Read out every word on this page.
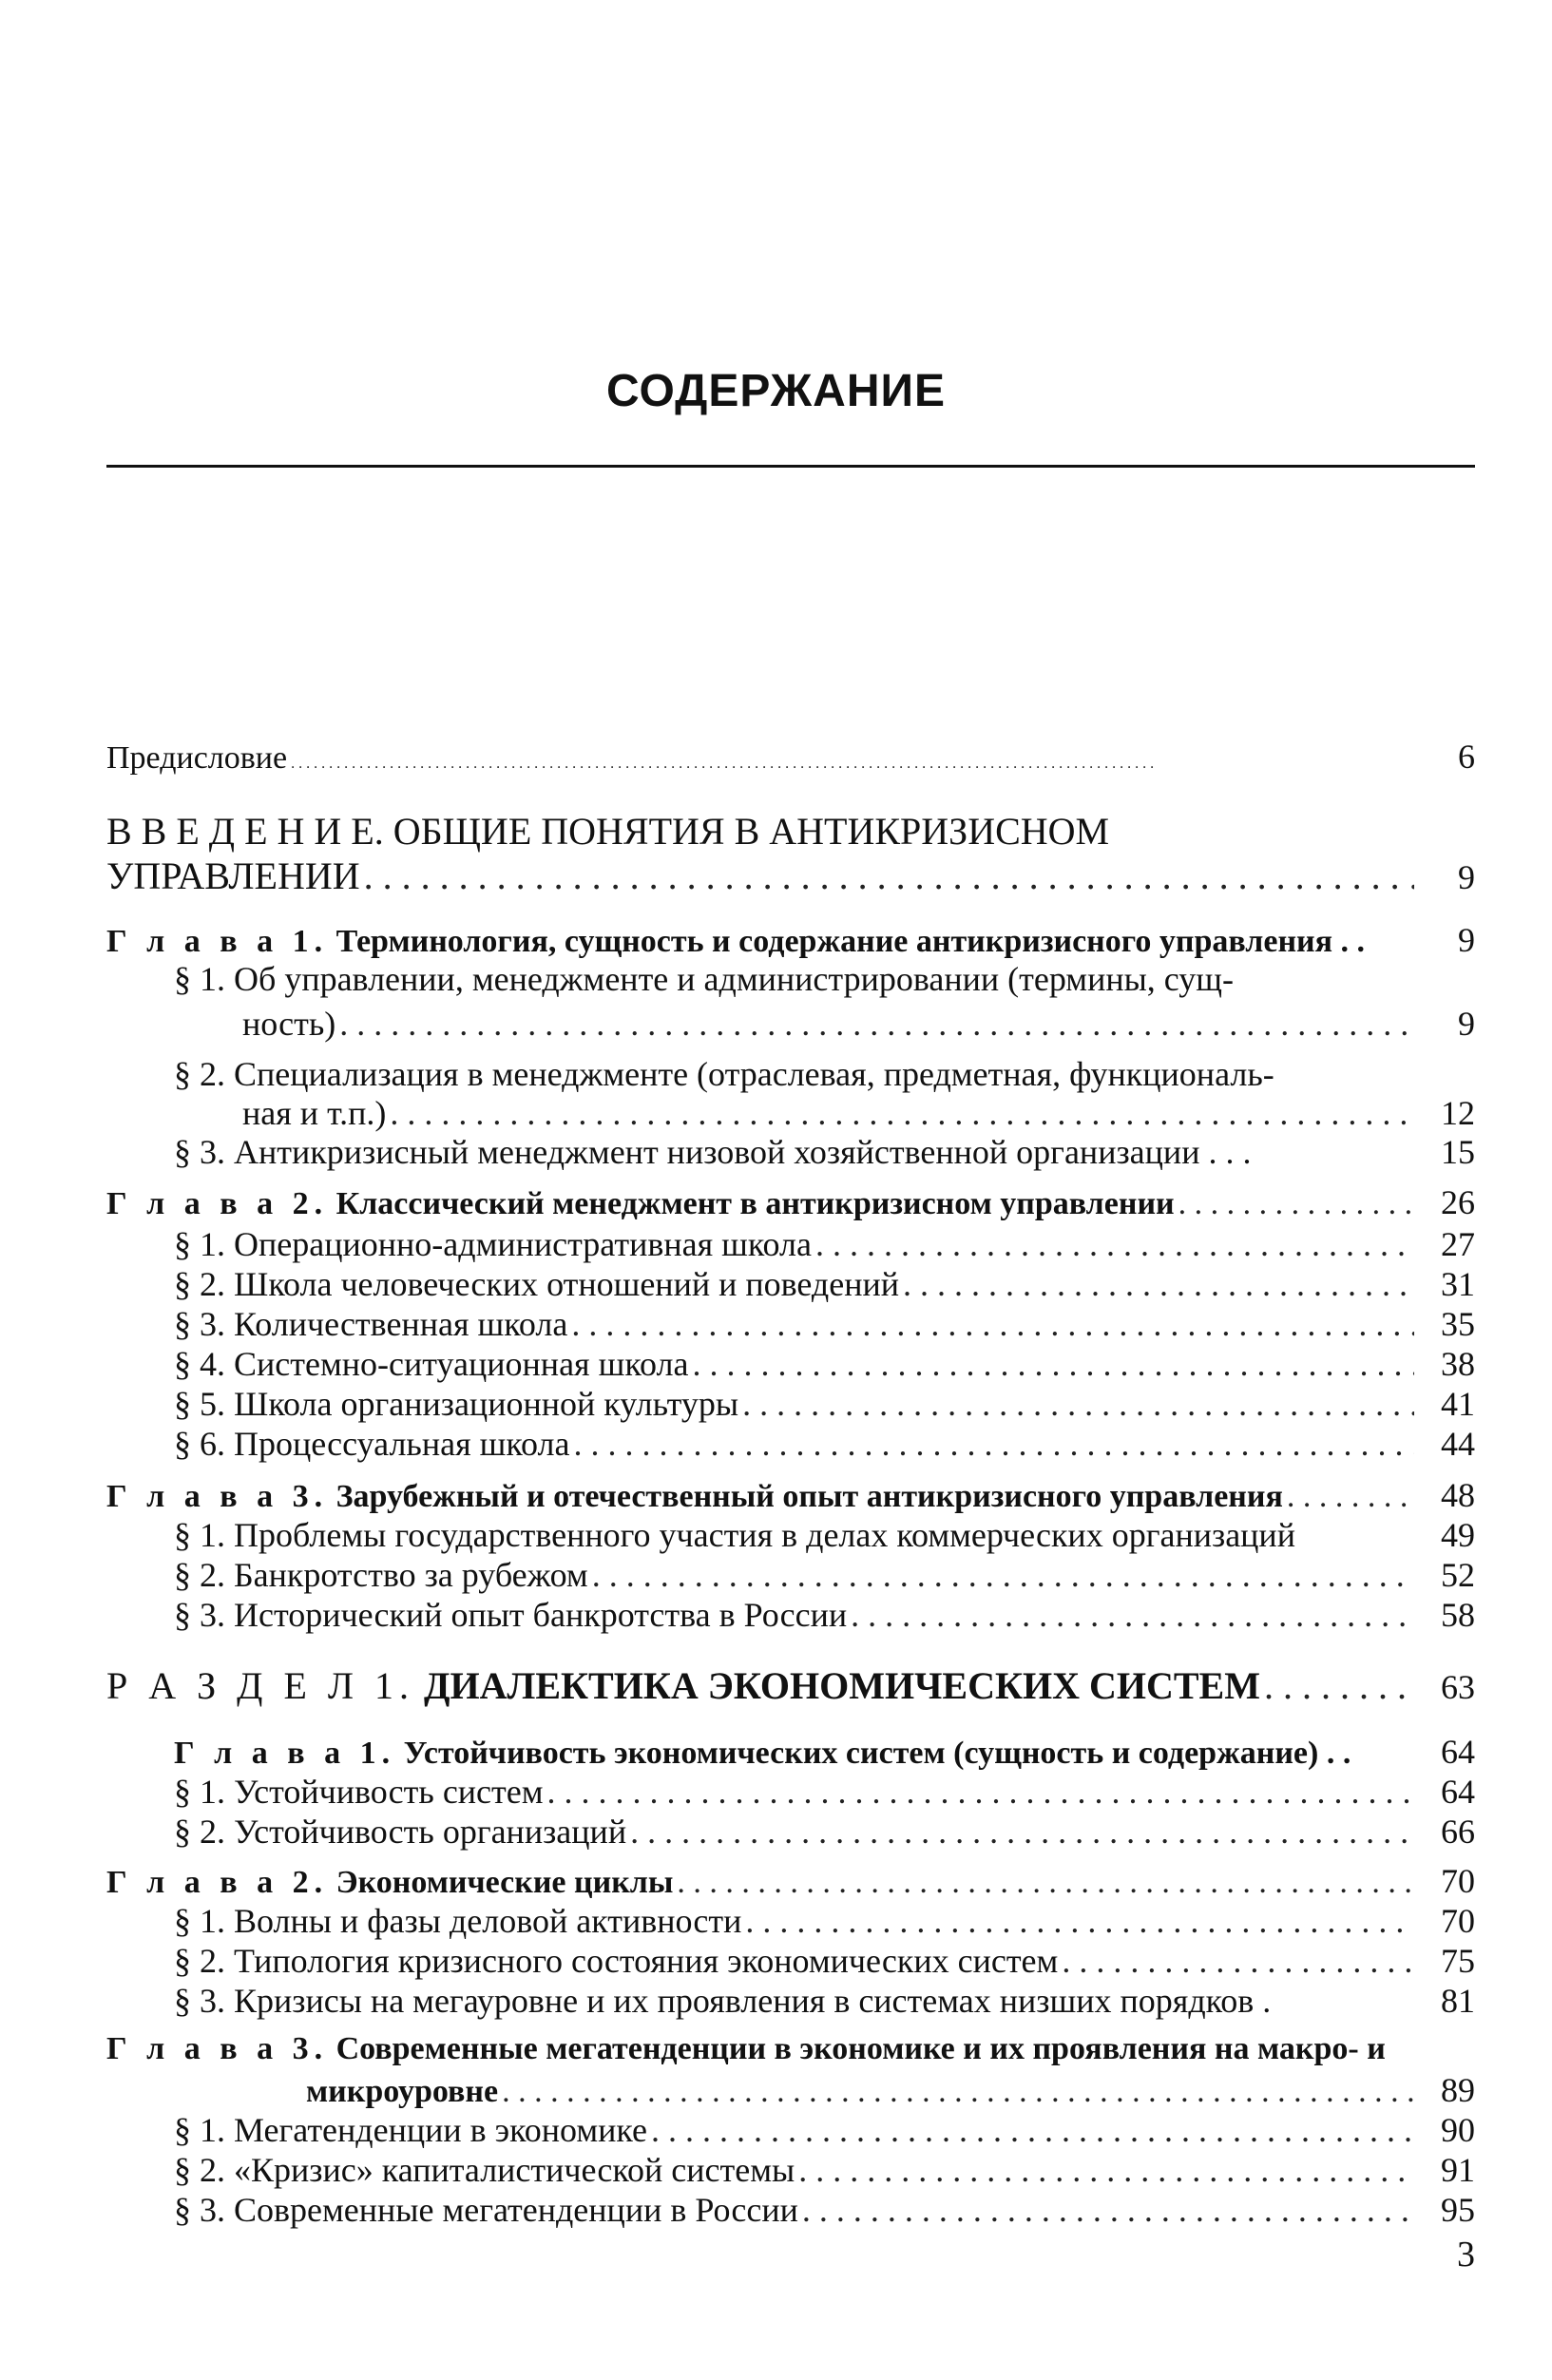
СОДЕРЖАНИЕ
Предисловие . . .	6
В В Е Д Е Н И Е. ОБЩИЕ ПОНЯТИЯ В АНТИКРИЗИСНОМ
УПРАВЛЕНИИ . . .	9
Г л а в а 1. Терминология, сущность и содержание антикризисного управления . .	9
§ 1. Об управлении, менеджменте и администрировании (термины, сущ-
ность) . . .	9
§ 2. Специализация в менеджменте (отраслевая, предметная, функциональ-
ная и т.п.) . . .	12
§ 3. Антикризисный менеджмент низовой хозяйственной организации . . .	15
Г л а в а 2. Классический менеджмент в антикризисном управлении . . .	26
§ 1. Операционно-административная школа . . .	27
§ 2. Школа человеческих отношений и поведений . . .	31
§ 3. Количественная школа . . .	35
§ 4. Системно-ситуационная школа . . .	38
§ 5. Школа организационной культуры . . .	41
§ 6. Процессуальная школа . . .	44
Г л а в а 3. Зарубежный и отечественный опыт антикризисного управления . . .	48
§ 1. Проблемы государственного участия в делах коммерческих организаций	49
§ 2. Банкротство за рубежом . . .	52
§ 3. Исторический опыт банкротства в России . . .	58
Р А З Д Е Л 1. ДИАЛЕКТИКА ЭКОНОМИЧЕСКИХ СИСТЕМ . . .	63
Г л а в а 1. Устойчивость экономических систем (сущность и содержание) . .	64
§ 1. Устойчивость систем . . .	64
§ 2. Устойчивость организаций . . .	66
Г л а в а 2. Экономические циклы . . .	70
§ 1. Волны и фазы деловой активности . . .	70
§ 2. Типология кризисного состояния экономических систем . . .	75
§ 3. Кризисы на мегауровне и их проявления в системах низших порядков .	81
Г л а в а 3. Современные мегатенденции в экономике и их проявления на макро- и
микроуровне . . .	89
§ 1. Мегатенденции в экономике . . .	90
§ 2. «Кризис» капиталистической системы . . .	91
§ 3. Современные мегатенденции в России . . .	95
3
